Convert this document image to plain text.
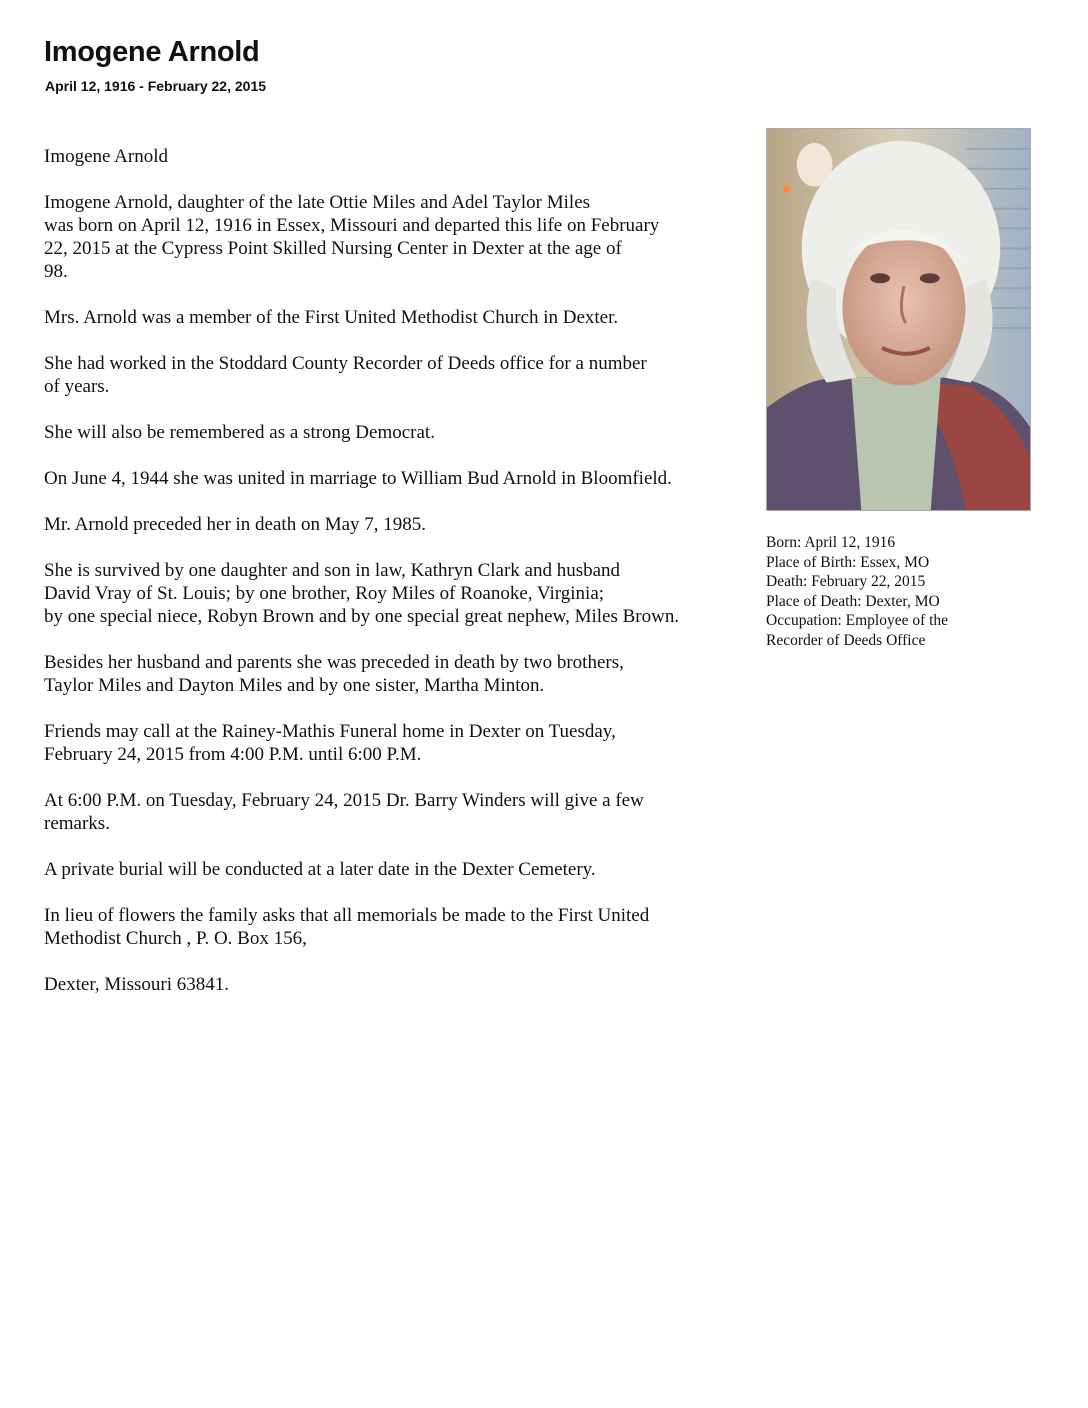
Imogene Arnold
April 12, 1916 - February 22, 2015

Imogene Arnold

Imogene Arnold, daughter of the late Ottie Miles and Adel Taylor Miles
was born on April 12, 1916 in Essex, Missouri and departed this life on February
22, 2015 at the Cypress Point Skilled Nursing Center in Dexter at the age of
98.

Mrs. Arnold was a member of the First United Methodist Church in Dexter.

She had worked in the Stoddard County Recorder of Deeds office for a number
of years.

She will also be remembered as a strong Democrat.

On June 4, 1944 she was united in marriage to William Bud Arnold in Bloomfield.

Mr. Arnold preceded her in death on May 7, 1985.

She is survived by one daughter and son in law, Kathryn Clark and husband
David Vray of St. Louis; by one brother, Roy Miles of Roanoke, Virginia;
by one special niece, Robyn Brown and by one special great nephew, Miles Brown.

Besides her husband and parents she was preceded in death by two brothers,
Taylor Miles and Dayton Miles and by one sister, Martha Minton.

Friends may call at the Rainey-Mathis Funeral home in Dexter on Tuesday,
February 24, 2015 from 4:00 P.M. until 6:00 P.M.

At 6:00 P.M. on Tuesday, February 24, 2015 Dr. Barry Winders will give a few
remarks.

A private burial will be conducted at a later date in the Dexter Cemetery.

In lieu of flowers the family asks that all memorials be made to the First United
Methodist Church , P. O. Box 156,

Dexter, Missouri 63841.

Born: April 12, 1916
Place of Birth: Essex, MO
Death: February 22, 2015
Place of Death: Dexter, MO
Occupation: Employee of the
Recorder of Deeds Office
